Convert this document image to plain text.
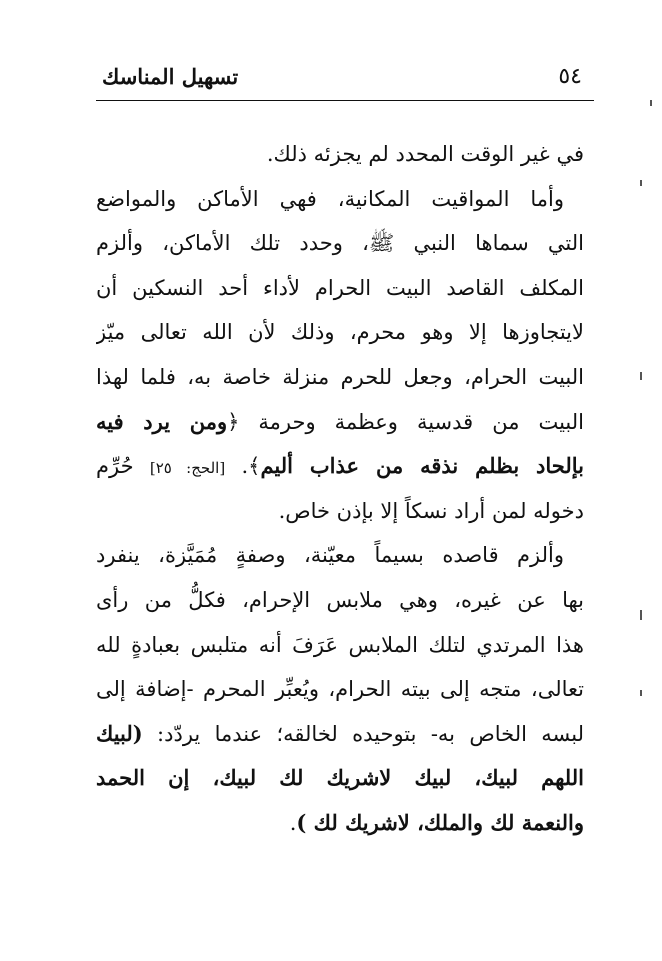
تسهيل المناسك	٥٤
في غير الوقت المحدد لم يجزئه ذلك.
وأما المواقيت المكانية، فهي الأماكن والمواضع
التي سماها النبي ﷺ، وحدد تلك الأماكن، وألزم
المكلف القاصد البيت الحرام لأداء أحد النسكين أن
لايتجاوزها إلا وهو محرم، وذلك لأن الله تعالى ميّز
البيت الحرام، وجعل للحرم منزلة خاصة به، فلما لهذا
البيت من قدسية وعظمة وحرمة ﴿ومن يرد فيه
بإلحاد بظلم نذقه من عذاب أليم﴾. [الحج: ٢٥] حُرِّم
دخوله لمن أراد نسكاً إلا بإذن خاص.
وألزم قاصده بسيماً معيّنة، وصفةٍ مُمَيَّزة، ينفرد
بها عن غيره، وهي ملابس الإحرام، فكلُّ من رأى
هذا المرتدي لتلك الملابس عَرَفَ أنه متلبس بعبادةٍ لله
تعالى، متجه إلى بيته الحرام، ويُعبِّر المحرم -إضافة إلى
لبسه الخاص به- بتوحيده لخالقه؛ عندما يردّد: (لبيك
اللهم لبيك، لبيك لاشريك لك لبيك، إن الحمد
والنعمة لك والملك، لاشريك لك ).
